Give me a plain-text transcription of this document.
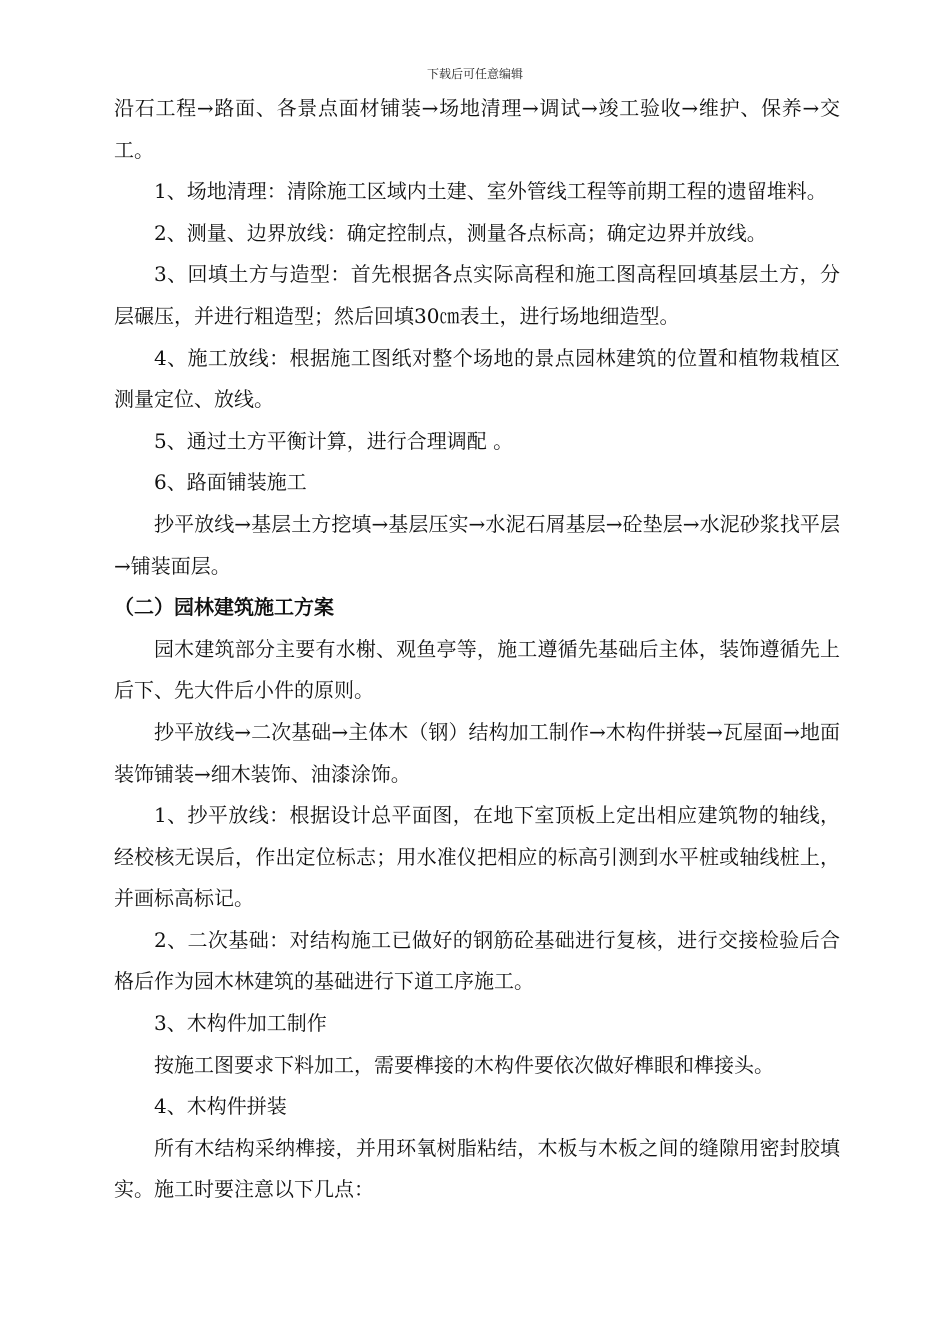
下载后可任意编辑

沿石工程→路面、各景点面材铺装→场地清理→调试→竣工验收→维护、保养→交工。

1、场地清理：清除施工区域内土建、室外管线工程等前期工程的遗留堆料。

2、测量、边界放线：确定控制点，测量各点标高；确定边界并放线。

3、回填土方与造型：首先根据各点实际高程和施工图高程回填基层土方，分层碾压，并进行粗造型；然后回填30㎝表土，进行场地细造型。

4、施工放线：根据施工图纸对整个场地的景点园林建筑的位置和植物栽植区测量定位、放线。

5、通过土方平衡计算，进行合理调配 。

6、路面铺装施工

抄平放线→基层土方挖填→基层压实→水泥石屑基层→砼垫层→水泥砂浆找平层→铺装面层。

（二）园林建筑施工方案

园木建筑部分主要有水榭、观鱼亭等，施工遵循先基础后主体，装饰遵循先上后下、先大件后小件的原则。

抄平放线→二次基础→主体木（钢）结构加工制作→木构件拼装→瓦屋面→地面装饰铺装→细木装饰、油漆涂饰。

1、抄平放线：根据设计总平面图，在地下室顶板上定出相应建筑物的轴线，经校核无误后，作出定位标志；用水准仪把相应的标高引测到水平桩或轴线桩上，并画标高标记。

2、二次基础：对结构施工已做好的钢筋砼基础进行复核，进行交接检验后合格后作为园木林建筑的基础进行下道工序施工。

3、木构件加工制作

按施工图要求下料加工，需要榫接的木构件要依次做好榫眼和榫接头。

4、木构件拼装

所有木结构采纳榫接，并用环氧树脂粘结，木板与木板之间的缝隙用密封胶填实。施工时要注意以下几点：
